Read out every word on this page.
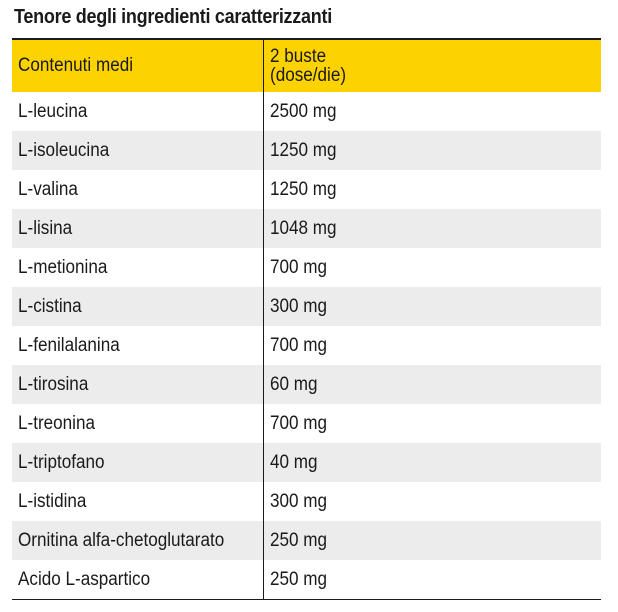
Tenore degli ingredienti caratterizzanti
Contenuti medi	2 buste
(dose/die)
L-leucina	2500 mg
L-isoleucina	1250 mg
L-valina	1250 mg
L-lisina	1048 mg
L-metionina	700 mg
L-cistina	300 mg
L-fenilalanina	700 mg
L-tirosina	60 mg
L-treonina	700 mg
L-triptofano	40 mg
L-istidina	300 mg
Ornitina alfa-chetoglutarato 250 mg
Acido L-aspartico	250 mg
